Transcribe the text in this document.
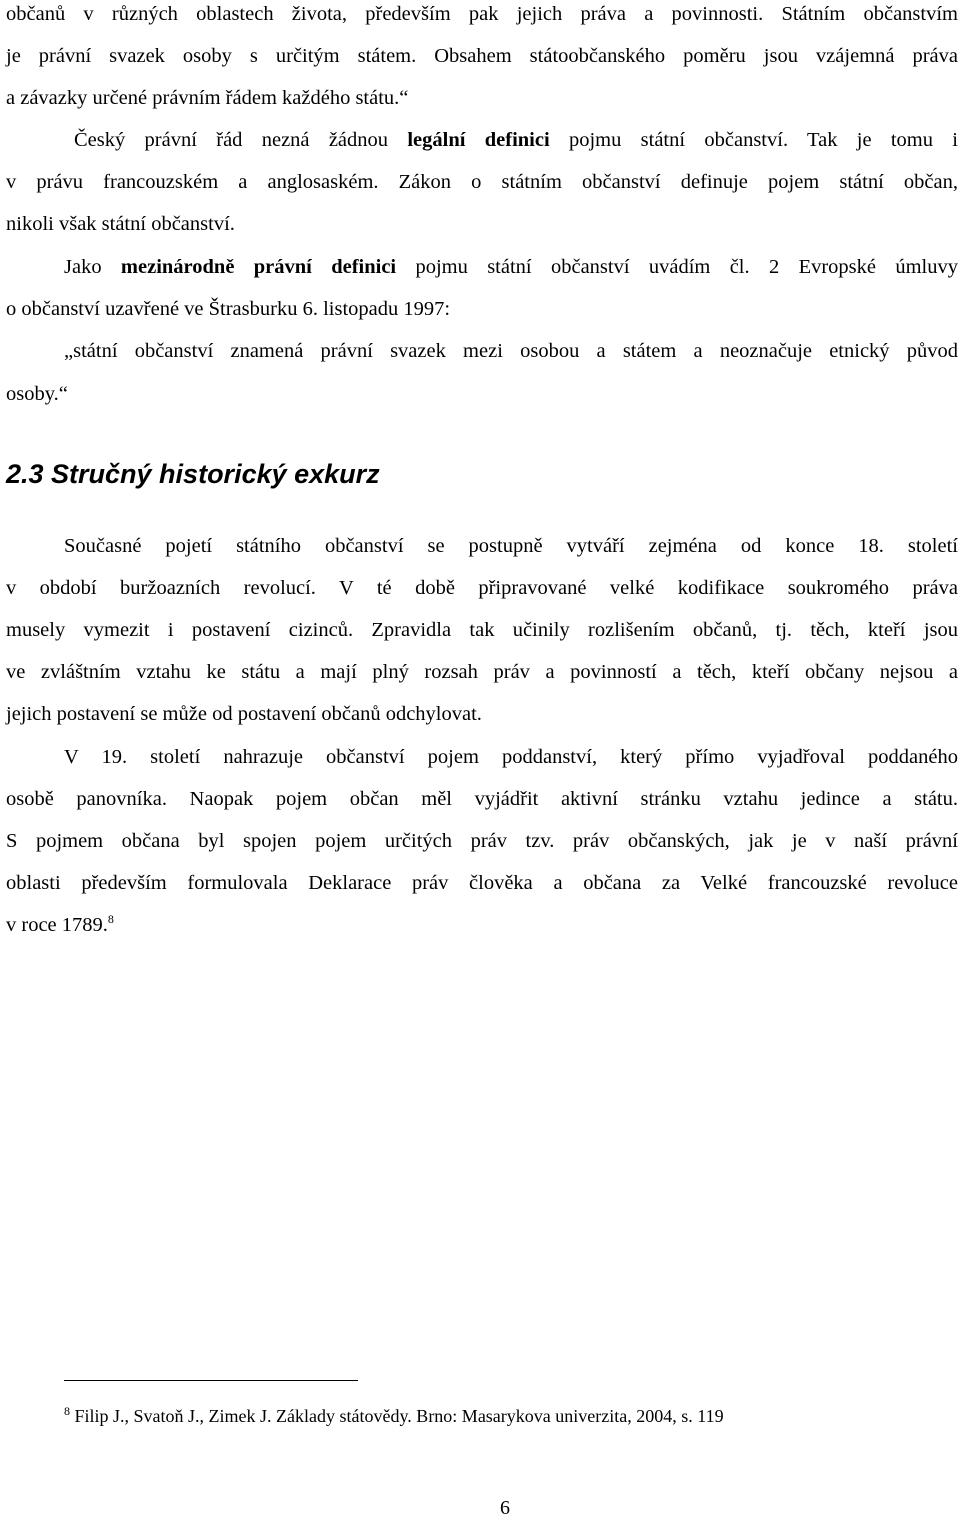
občanů v různých oblastech života, především pak jejich práva a povinnosti. Státním občanstvím
je právní svazek osoby s určitým státem. Obsahem státoobčanského poměru jsou vzájemná práva
a závazky určené právním řádem každého státu.“
Český právní řád nezná žádnou legální definici pojmu státní občanství. Tak je tomu i
v právu francouzském a anglosaském. Zákon o státním občanství definuje pojem státní občan,
nikoli však státní občanství.
Jako mezinárodně právní definici pojmu státní občanství uvádím čl. 2 Evropské úmluvy
o občanství uzavřené ve Štrasburku 6. listopadu 1997:
„státní občanství znamená právní svazek mezi osobou a státem a neoznačuje etnický původ
osoby.“
2.3 Stručný historický exkurz
Současné pojetí státního občanství se postupně vytváří zejména od konce 18. století
v období buržoazních revolucí. V té době připravované velké kodifikace soukromého práva
musely vymezit i postavení cizinců. Zpravidla tak učinily rozlišením občanů, tj. těch, kteří jsou
ve zvláštním vztahu ke státu a mají plný rozsah práv a povinností a těch, kteří občany nejsou a
jejich postavení se může od postavení občanů odchylovat.
V 19. století nahrazuje občanství pojem poddanství, který přímo vyjadřoval poddaného
osobě panovníka. Naopak pojem občan měl vyjádřit aktivní stránku vztahu jedince a státu.
S pojmem občana byl spojen pojem určitých práv tzv. práv občanských, jak je v naší právní
oblasti především formulovala Deklarace práv člověka a občana za Velké francouzské revoluce
v roce 1789.$^8$
$^8$ Filip J., Svatoň J., Zimek J. Základy státovědy. Brno: Masarykova univerzita, 2004, s. 119
6
